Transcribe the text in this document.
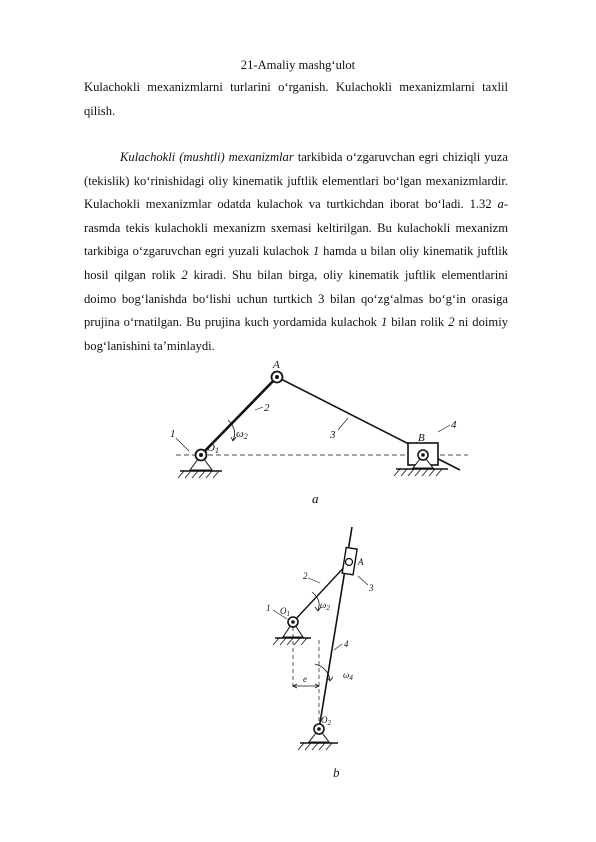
21-Amaliy mashg‘ulot

Kulachokli mexanizmlarni turlarini o‘rganish. Kulachokli mexanizmlarni taxlil qilish.

Kulachokli (mushtli) mexanizmlar tarkibida o‘zgaruvchan egri chiziqli yuza (tekislik) ko‘rinishidagi oliy kinematik juftlik elementlari bo‘lgan mexanizmlardir. Kulachokli mexanizmlar odatda kulachok va turtkichdan iborat bo‘ladi. 1.32 a-rasmda tekis kulachokli mexanizm sxemasi keltirilgan. Bu kulachokli mexanizm tarkibiga o‘zgaruvchan egri yuzali kulachok 1 hamda u bilan oliy kinematik juftlik hosil qilgan rolik 2 kiradi. Shu bilan birga, oliy kinematik juftlik elementlarini doimo bog‘lanishda bo‘lishi uchun turtkich 3 bilan qo‘zg‘almas bo‘g‘in orasiga prujina o‘rnatilgan. Bu prujina kuch yordamida kulachok 1 bilan rolik 2 ni doimiy bog‘lanishini ta’minlaydi.

A
B
O1
ω2
1
2
3
4
a
A
$O_1$
$O_2$
$\omega_2$
$\omega_4$
e
1
2
3
4
b
